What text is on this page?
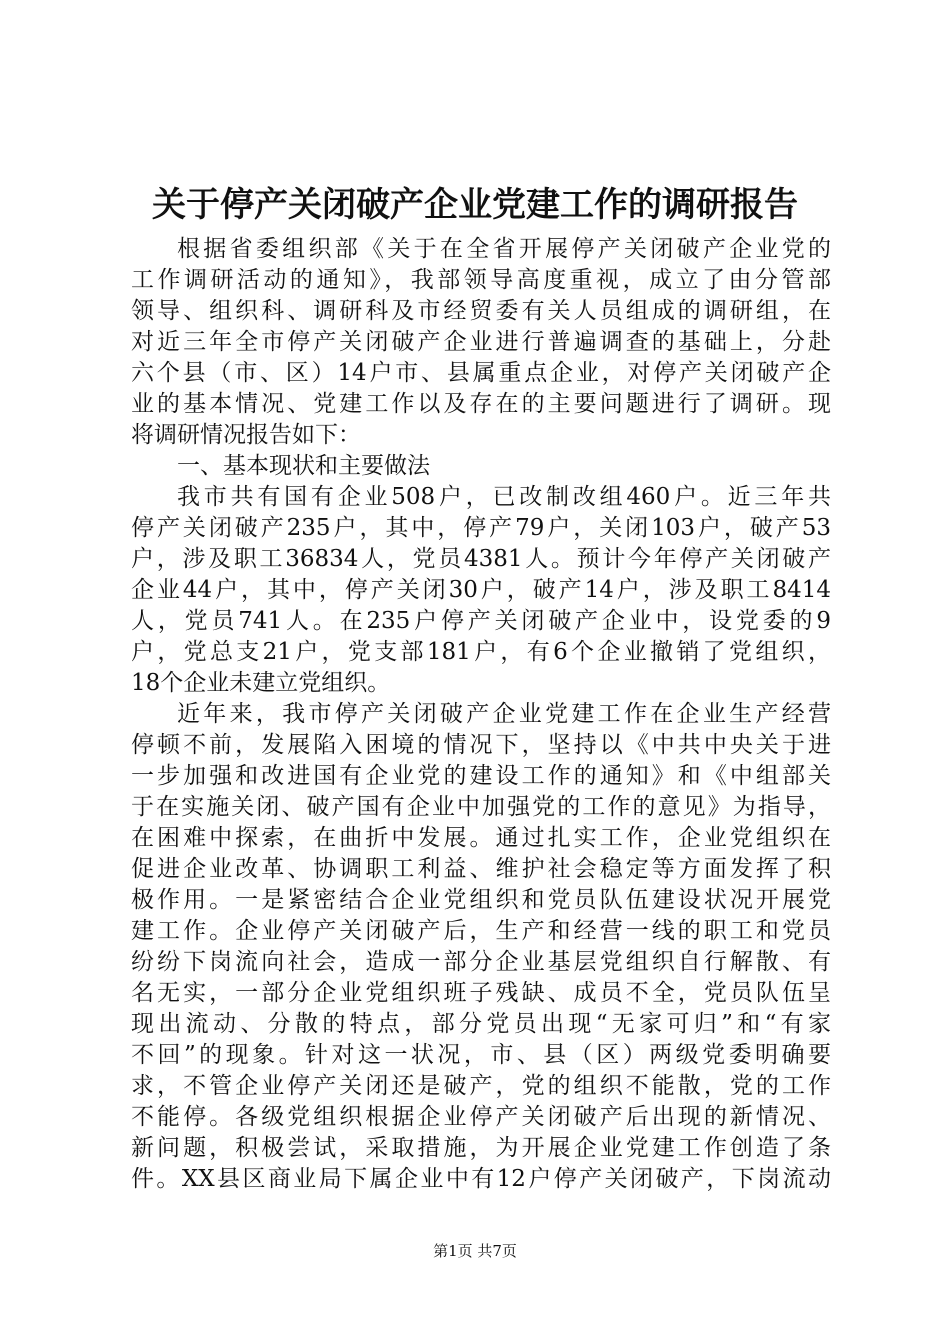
关于停产关闭破产企业党建工作的调研报告
根据省委组织部《关于在全省开展停产关闭破产企业党的
工作调研活动的通知》，我部领导高度重视，成立了由分管部
领导、组织科、调研科及市经贸委有关人员组成的调研组，在
对近三年全市停产关闭破产企业进行普遍调查的基础上，分赴
六个县（市、区）14户市、县属重点企业，对停产关闭破产企
业的基本情况、党建工作以及存在的主要问题进行了调研。现
将调研情况报告如下：
一、基本现状和主要做法
我市共有国有企业508户，已改制改组460户。近三年共
停产关闭破产235户，其中，停产79户，关闭103户，破产53
户，涉及职工36834人，党员4381人。预计今年停产关闭破产
企业44户，其中，停产关闭30户，破产14户，涉及职工8414
人，党员741人。在235户停产关闭破产企业中，设党委的9
户，党总支21户，党支部181户，有6个企业撤销了党组织，
18个企业未建立党组织。
近年来，我市停产关闭破产企业党建工作在企业生产经营
停顿不前，发展陷入困境的情况下，坚持以《中共中央关于进
一步加强和改进国有企业党的建设工作的通知》和《中组部关
于在实施关闭、破产国有企业中加强党的工作的意见》为指导，
在困难中探索，在曲折中发展。通过扎实工作，企业党组织在
促进企业改革、协调职工利益、维护社会稳定等方面发挥了积
极作用。一是紧密结合企业党组织和党员队伍建设状况开展党
建工作。企业停产关闭破产后，生产和经营一线的职工和党员
纷纷下岗流向社会，造成一部分企业基层党组织自行解散、有
名无实，一部分企业党组织班子残缺、成员不全，党员队伍呈
现出流动、分散的特点，部分党员出现“无家可归”和“有家
不回”的现象。针对这一状况，市、县（区）两级党委明确要
求，不管企业停产关闭还是破产，党的组织不能散，党的工作
不能停。各级党组织根据企业停产关闭破产后出现的新情况、
新问题，积极尝试，采取措施，为开展企业党建工作创造了条
件。XX县区商业局下属企业中有12户停产关闭破产，下岗流动
第1页 共7页
